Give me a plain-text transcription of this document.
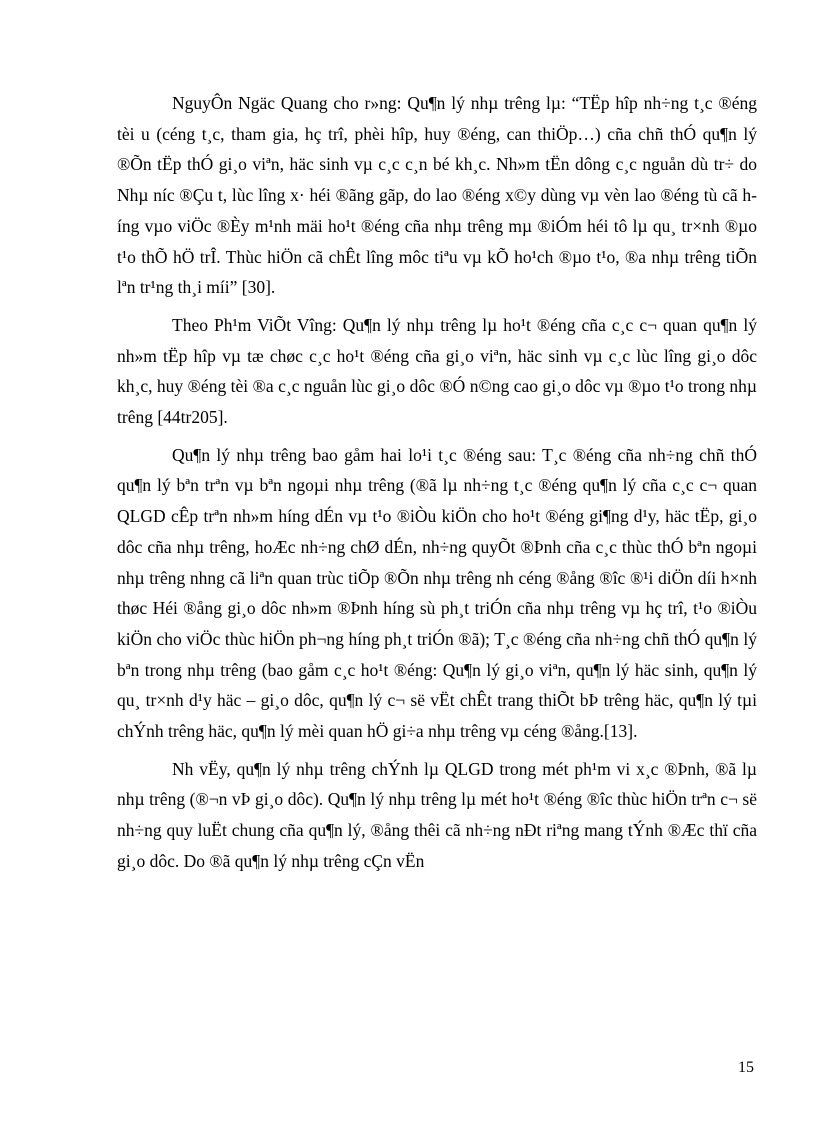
NguyÔn Ngäc Quang cho r»ng: Qu¶n lý nhµ trêng lµ: “TËp hîp nh÷ng t¸c ®éng tèi u (céng t¸c, tham gia, hç trî, phèi hîp, huy ®éng, can thiÖp…) cña chñ thÓ qu¶n lý ®Õn tËp thÓ gi¸o viªn, häc sinh vµ c¸c c¸n bé kh¸c. Nh»m tËn dông c¸c nguån dù tr÷ do Nhµ níc ®Çu t, lùc lîng x· héi ®ãng gãp, do lao ®éng x©y dùng vµ vèn lao ®éng tù cã híng vµo viÖc ®Èy m¹nh mäi ho¹t ®éng cña nhµ trêng mµ ®iÓm héi tô lµ qu¸ tr×nh ®µo t¹o thÕ hÖ trÎ. Thùc hiÖn cã chÊt lîng môc tiªu vµ kÕ ho¹ch ®µo t¹o, ®a nhµ trêng tiÕn lªn tr¹ng th¸i míi” [30].

Theo Ph¹m ViÕt Vîng: Qu¶n lý nhµ trêng lµ ho¹t ®éng cña c¸c c¬ quan qu¶n lý nh»m tËp hîp vµ tæ chøc c¸c ho¹t ®éng cña gi¸o viªn, häc sinh vµ c¸c lùc lîng gi¸o dôc kh¸c, huy ®éng tèi ®a c¸c nguån lùc gi¸o dôc ®Ó n©ng cao gi¸o dôc vµ ®µo t¹o trong nhµ trêng [44tr205].

Qu¶n lý nhµ trêng bao gåm hai lo¹i t¸c ®éng sau: T¸c ®éng cña nh÷ng chñ thÓ qu¶n lý bªn trªn vµ bªn ngoµi nhµ trêng (®ã lµ nh÷ng t¸c ®éng qu¶n lý cña c¸c c¬ quan QLGD cÊp trªn nh»m híng dÉn vµ t¹o ®iÒu kiÖn cho ho¹t ®éng gi¶ng d¹y, häc tËp, gi¸o dôc cña nhµ trêng, hoÆc nh÷ng chØ dÉn, nh÷ng quyÕt ®Þnh cña c¸c thùc thÓ bªn ngoµi nhµ trêng nhng cã liªn quan trùc tiÕp ®Õn nhµ trêng nh céng ®ång ®îc ®¹i diÖn díi h×nh thøc Héi ®ång gi¸o dôc nh»m ®Þnh híng sù ph¸t triÓn cña nhµ trêng vµ hç trî, t¹o ®iÒu kiÖn cho viÖc thùc hiÖn ph¬ng híng ph¸t triÓn ®ã); T¸c ®éng cña nh÷ng chñ thÓ qu¶n lý bªn trong nhµ trêng (bao gåm c¸c ho¹t ®éng: Qu¶n lý gi¸o viªn, qu¶n lý häc sinh, qu¶n lý qu¸ tr×nh d¹y häc – gi¸o dôc, qu¶n lý c¬ së vËt chÊt trang thiÕt bÞ trêng häc, qu¶n lý tµi chÝnh trêng häc, qu¶n lý mèi quan hÖ gi÷a nhµ trêng vµ céng ®ång.[13].

Nh vËy, qu¶n lý nhµ trêng chÝnh lµ QLGD trong mét ph¹m vi x¸c ®Þnh, ®ã lµ nhµ trêng (®¬n vÞ gi¸o dôc). Qu¶n lý nhµ trêng lµ mét ho¹t ®éng ®îc thùc hiÖn trªn c¬ së nh÷ng quy luËt chung cña qu¶n lý, ®ång thêi cã nh÷ng nÐt riªng mang tÝnh ®Æc thï cña gi¸o dôc. Do ®ã qu¶n lý nhµ trêng cÇn vËn

15
